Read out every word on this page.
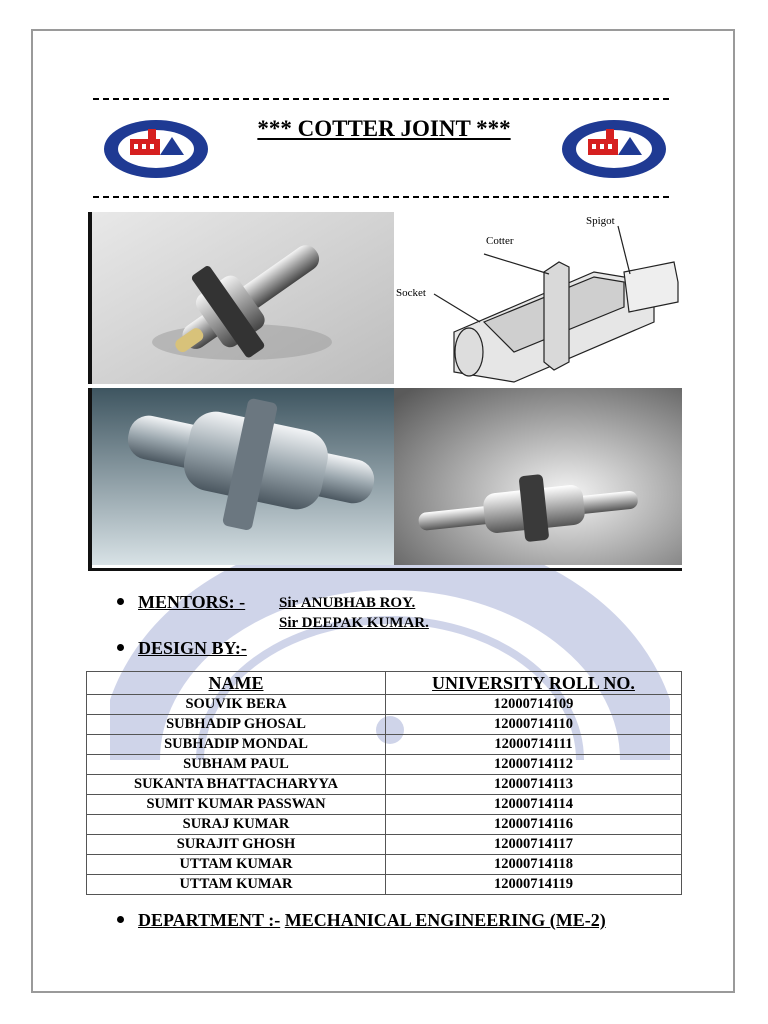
*** COTTER JOINT ***
Cotter
Spigot
Socket
MENTORS: - Sir ANUBHAB ROY.
Sir DEEPAK KUMAR.
DESIGN BY:-
NAME	UNIVERSITY ROLL NO.
SOUVIK BERA	12000714109
SUBHADIP GHOSAL	12000714110
SUBHADIP MONDAL	12000714111
SUBHAM PAUL	12000714112
SUKANTA BHATTACHARYYA	12000714113
SUMIT KUMAR PASSWAN	12000714114
SURAJ KUMAR	12000714116
SURAJIT GHOSH	12000714117
UTTAM KUMAR	12000714118
UTTAM KUMAR	12000714119
DEPARTMENT :- MECHANICAL ENGINEERING (ME-2)
